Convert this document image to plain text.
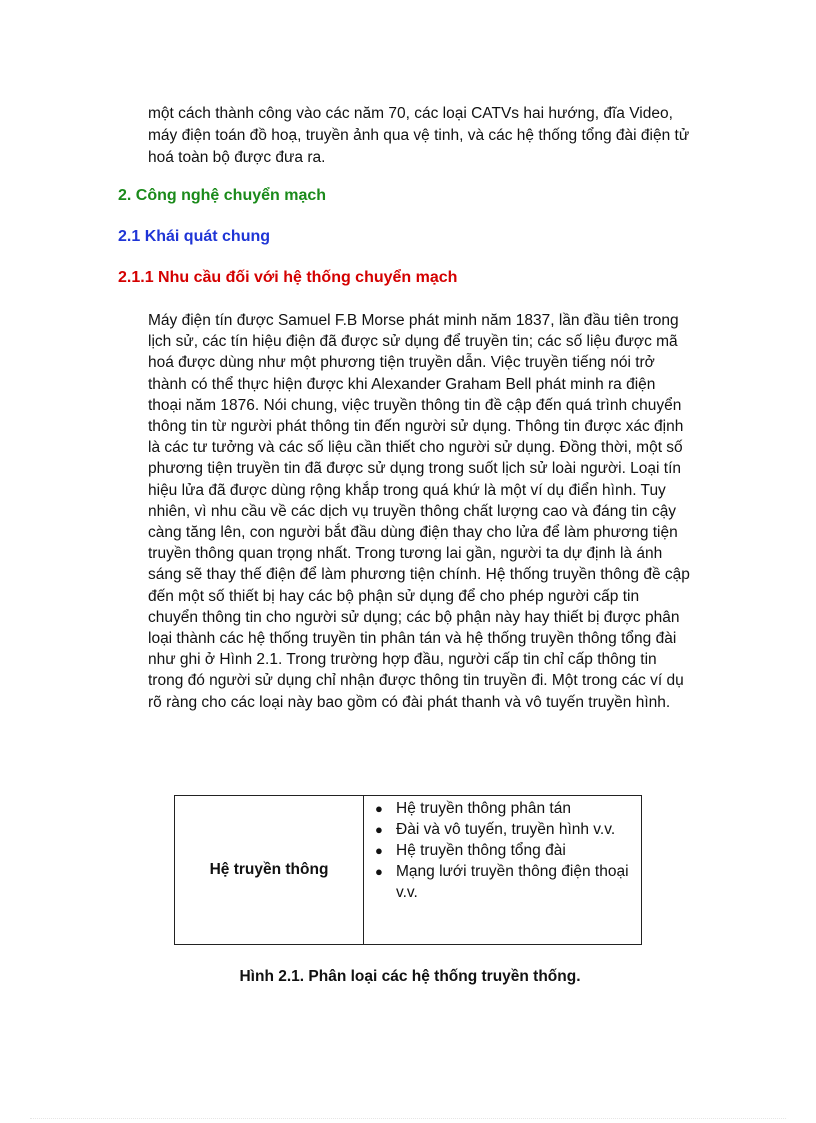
một cách thành công vào các năm 70, các loại CATVs hai hướng, đĩa Video, máy điện toán đồ hoạ, truyền ảnh qua vệ tinh, và các hệ thống tổng đài điện tử hoá toàn bộ được đưa ra.

2. Công nghệ chuyển mạch
2.1 Khái quát chung
2.1.1 Nhu cầu đối với hệ thống chuyển mạch

Máy điện tín được Samuel F.B Morse phát minh năm 1837, lần đầu tiên trong lịch sử, các tín hiệu điện đã được sử dụng để truyền tin; các số liệu được mã hoá được dùng như một phương tiện truyền dẫn. Việc truyền tiếng nói trở thành có thể thực hiện được khi Alexander Graham Bell phát minh ra điện thoại năm 1876. Nói chung, việc truyền thông tin đề cập đến quá trình chuyển thông tin từ người phát thông tin đến người sử dụng. Thông tin được xác định là các tư tưởng và các số liệu cần thiết cho người sử dụng. Đồng thời, một số phương tiện truyền tin đã được sử dụng trong suốt lịch sử loài người. Loại tín hiệu lửa đã được dùng rộng khắp trong quá khứ là một ví dụ điển hình. Tuy nhiên, vì nhu cầu về các dịch vụ truyền thông chất lượng cao và đáng tin cậy càng tăng lên, con người bắt đầu dùng điện thay cho lửa để làm phương tiện truyền thông quan trọng nhất. Trong tương lai gần, người ta dự định là ánh sáng sẽ thay thế điện để làm phương tiện chính. Hệ thống truyền thông đề cập đến một số thiết bị hay các bộ phận sử dụng để cho phép người cấp tin chuyển thông tin cho người sử dụng; các bộ phận này hay thiết bị được phân loại thành các hệ thống truyền tin phân tán và hệ thống truyền thông tổng đài như ghi ở Hình 2.1. Trong trường hợp đầu, người cấp tin chỉ cấp thông tin trong đó người sử dụng chỉ nhận được thông tin truyền đi. Một trong các ví dụ rõ ràng cho các loại này bao gồm có đài phát thanh và vô tuyến truyền hình.

Hệ truyền thông
● Hệ truyền thông phân tán
● Đài và vô tuyến, truyền hình v.v.
● Hệ truyền thông tổng đài
● Mạng lưới truyền thông điện thoại v.v.

Hình 2.1. Phân loại các hệ thống truyền thống.
